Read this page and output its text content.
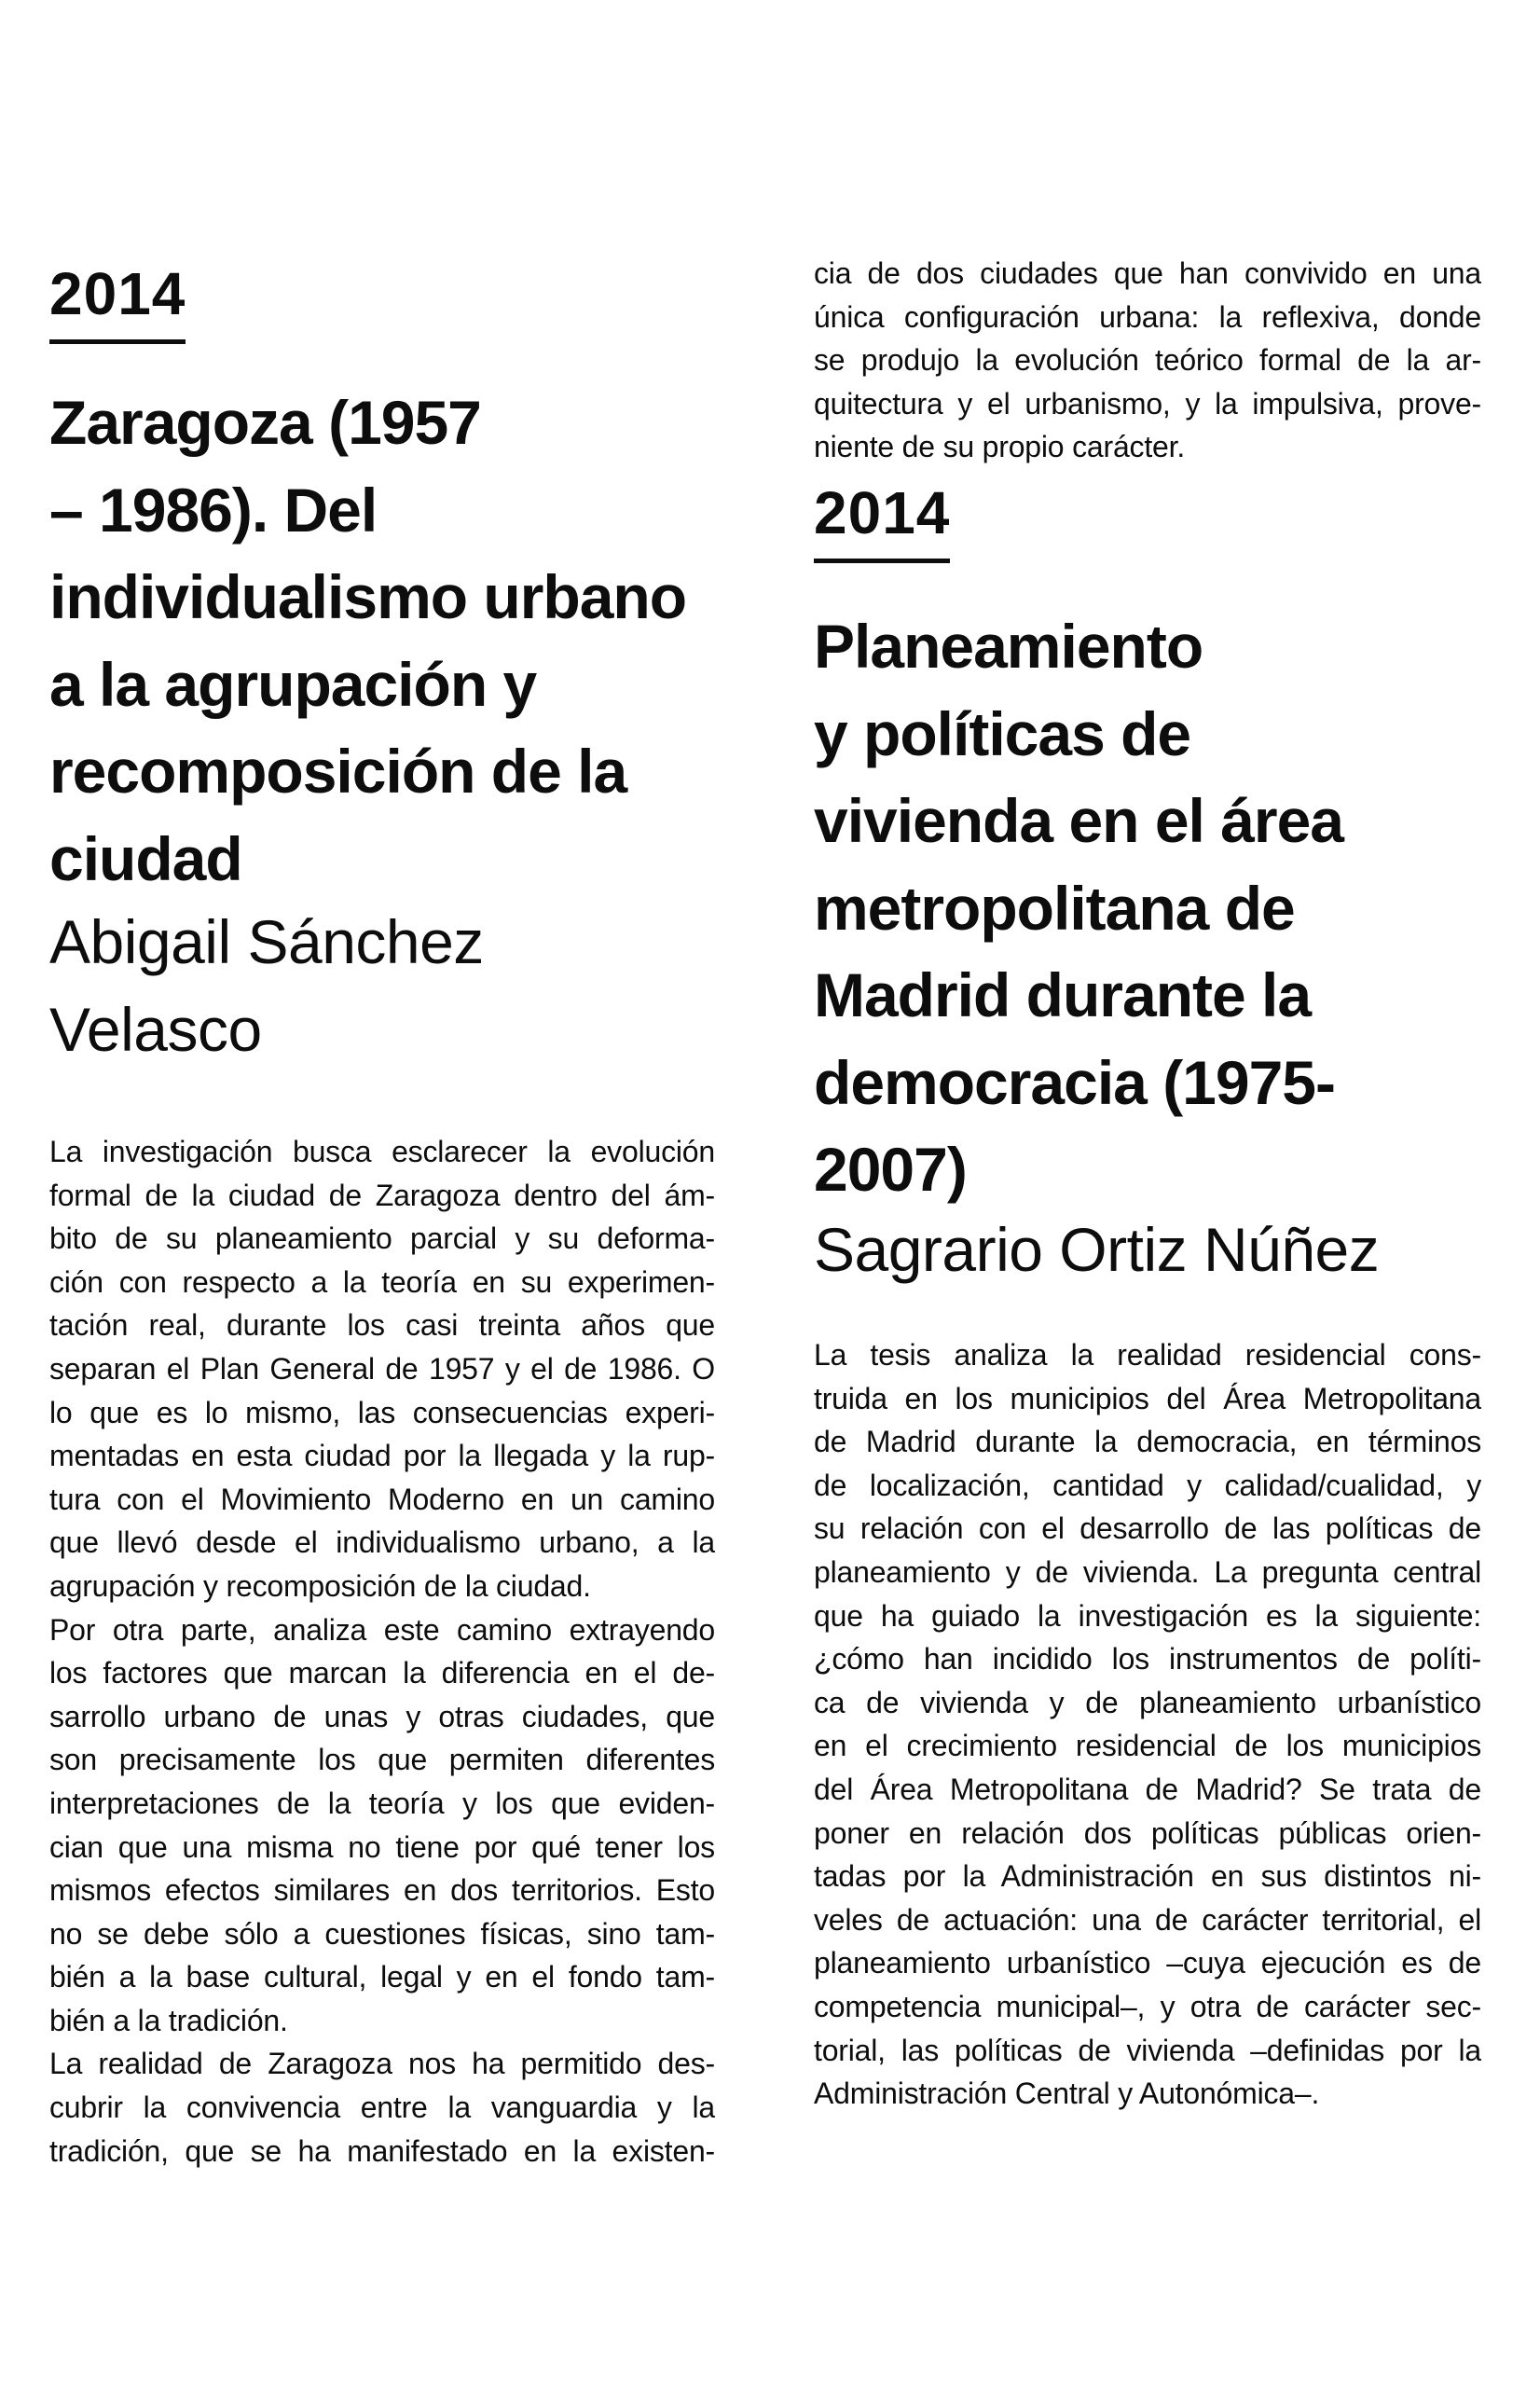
2014
Zaragoza (1957
– 1986). Del
individualismo urbano
a la agrupación y
recomposición de la
ciudad
Abigail Sánchez
Velasco
La investigación busca esclarecer la evolución
formal de la ciudad de Zaragoza dentro del ám-
bito de su planeamiento parcial y su deforma-
ción con respecto a la teoría en su experimen-
tación real, durante los casi treinta años que
separan el Plan General de 1957 y el de 1986. O
lo que es lo mismo, las consecuencias experi-
mentadas en esta ciudad por la llegada y la rup-
tura con el Movimiento Moderno en un camino
que llevó desde el individualismo urbano, a la
agrupación y recomposición de la ciudad.
Por otra parte, analiza este camino extrayendo
los factores que marcan la diferencia en el de-
sarrollo urbano de unas y otras ciudades, que
son precisamente los que permiten diferentes
interpretaciones de la teoría y los que eviden-
cian que una misma no tiene por qué tener los
mismos efectos similares en dos territorios. Esto
no se debe sólo a cuestiones físicas, sino tam-
bién a la base cultural, legal y en el fondo tam-
bién a la tradición.
La realidad de Zaragoza nos ha permitido des-
cubrir la convivencia entre la vanguardia y la
tradición, que se ha manifestado en la existen-
cia de dos ciudades que han convivido en una
única configuración urbana: la reflexiva, donde
se produjo la evolución teórico formal de la ar-
quitectura y el urbanismo, y la impulsiva, prove-
niente de su propio carácter.
2014
Planeamiento
y políticas de
vivienda en el área
metropolitana de
Madrid durante la
democracia (1975-
2007)
Sagrario Ortiz Núñez
La tesis analiza la realidad residencial cons-
truida en los municipios del Área Metropolitana
de Madrid durante la democracia, en términos
de localización, cantidad y calidad/cualidad, y
su relación con el desarrollo de las políticas de
planeamiento y de vivienda. La pregunta central
que ha guiado la investigación es la siguiente:
¿cómo han incidido los instrumentos de políti-
ca de vivienda y de planeamiento urbanístico
en el crecimiento residencial de los municipios
del Área Metropolitana de Madrid? Se trata de
poner en relación dos políticas públicas orien-
tadas por la Administración en sus distintos ni-
veles de actuación: una de carácter territorial, el
planeamiento urbanístico –cuya ejecución es de
competencia municipal–, y otra de carácter sec-
torial, las políticas de vivienda –definidas por la
Administración Central y Autonómica–.
